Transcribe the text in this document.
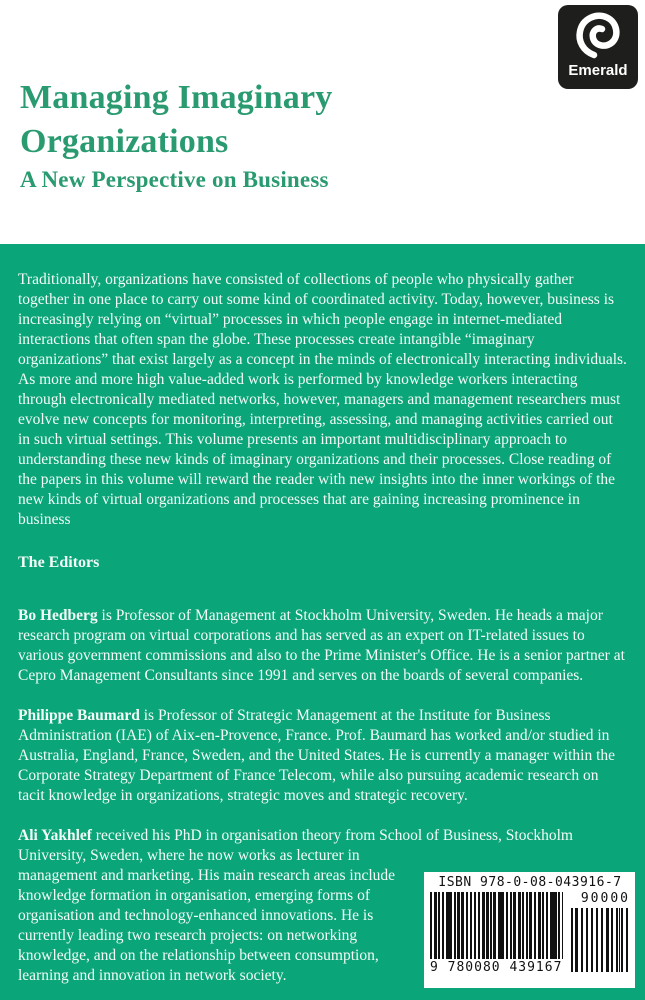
Emerald
Managing Imaginary Organizations
A New Perspective on Business

Traditionally, organizations have consisted of collections of people who physically gather together in one place to carry out some kind of coordinated activity. Today, however, business is increasingly relying on “virtual” processes in which people engage in internet-mediated interactions that often span the globe. These processes create intangible “imaginary organizations” that exist largely as a concept in the minds of electronically interacting individuals. As more and more high value-added work is performed by knowledge workers interacting through electronically mediated networks, however, managers and management researchers must evolve new concepts for monitoring, interpreting, assessing, and managing activities carried out in such virtual settings. This volume presents an important multidisciplinary approach to understanding these new kinds of imaginary organizations and their processes. Close reading of the papers in this volume will reward the reader with new insights into the inner workings of the new kinds of virtual organizations and processes that are gaining increasing prominence in business

The Editors

Bo Hedberg is Professor of Management at Stockholm University, Sweden. He heads a major research program on virtual corporations and has served as an expert on IT-related issues to various government commissions and also to the Prime Minister's Office. He is a senior partner at Cepro Management Consultants since 1991 and serves on the boards of several companies.

Philippe Baumard is Professor of Strategic Management at the Institute for Business Administration (IAE) of Aix-en-Provence, France. Prof. Baumard has worked and/or studied in Australia, England, France, Sweden, and the United States. He is currently a manager within the Corporate Strategy Department of France Telecom, while also pursuing academic research on tacit knowledge in organizations, strategic moves and strategic recovery.

Ali Yakhlef received his PhD in organisation theory from School of Business, Stockholm
University, Sweden, where he now works as lecturer in management and marketing. His main research areas include knowledge formation in organisation, emerging forms of organisation and technology-enhanced innovations. He is currently leading two research projects: on networking knowledge, and on the relationship between consumption, learning and innovation in network society.
ISBN 978-0-08-043916-7
9 780080 439167
90000
